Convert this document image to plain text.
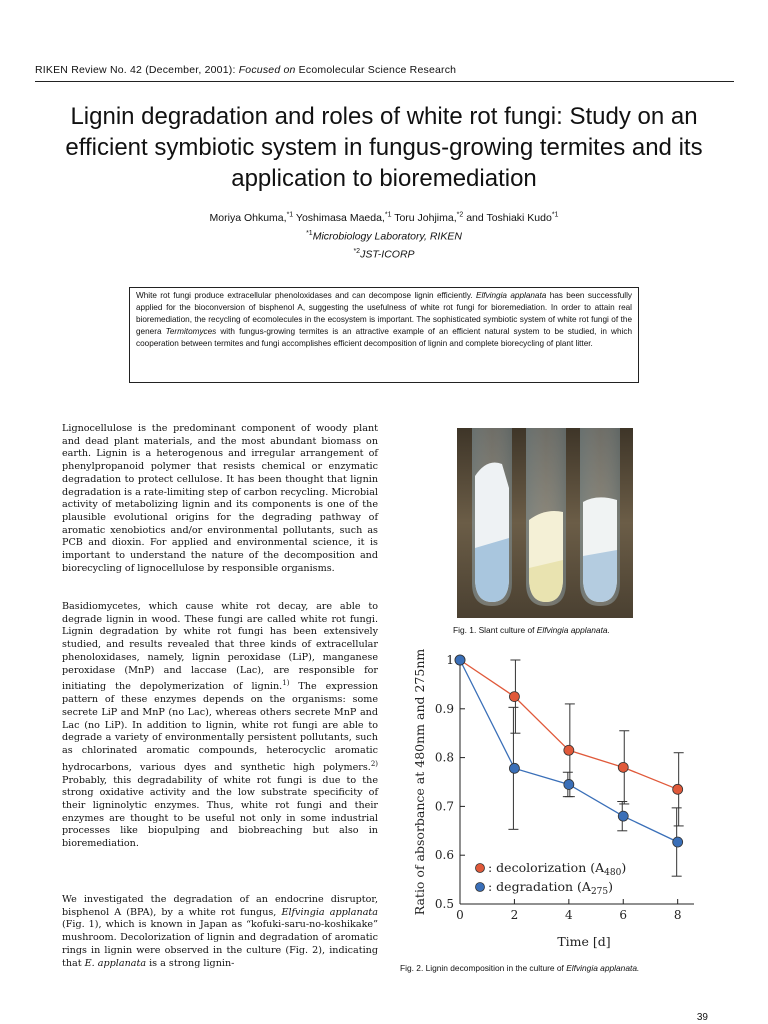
RIKEN Review No. 42 (December, 2001): Focused on Ecomolecular Science Research
Lignin degradation and roles of white rot fungi: Study on an efficient symbiotic system in fungus-growing termites and its application to bioremediation
Moriya Ohkuma,$^{*1}$ Yoshimasa Maeda,$^{*1}$ Toru Johjima,$^{*2}$ and Toshiaki Kudo$^{*1}$
$^{*1}$Microbiology Laboratory, RIKEN
$^{*2}$JST-ICORP
White rot fungi produce extracellular phenoloxidases and can decompose lignin efficiently. Elfvingia applanata has been successfully applied for the bioconversion of bisphenol A, suggesting the usefulness of white rot fungi for bioremediation. In order to attain real bioremediation, the recycling of ecomolecules in the ecosystem is important. The sophisticated symbiotic system of white rot fungi of the genera Termitomyces with fungus-growing termites is an attractive example of an efficient natural system to be studied, in which cooperation between termites and fungi accomplishes efficient decomposition of lignin and complete biorecycling of plant litter.

Lignocellulose is the predominant component of woody plant and dead plant materials, and the most abundant biomass on earth. Lignin is a heterogenous and irregular arrangement of phenylpropanoid polymer that resists chemical or enzymatic degradation to protect cellulose. It has been thought that lignin degradation is a rate-limiting step of carbon recycling. Microbial activity of metabolizing lignin and its components is one of the plausible evolutional origins for the degrading pathway of aromatic xenobiotics and/or environmental pollutants, such as PCB and dioxin. For applied and environmental science, it is important to understand the nature of the decomposition and biorecycling of lignocellulose by responsible organisms.

Basidiomycetes, which cause white rot decay, are able to degrade lignin in wood. These fungi are called white rot fungi. Lignin degradation by white rot fungi has been extensively studied, and results revealed that three kinds of extracellular phenoloxidases, namely, lignin peroxidase (LiP), manganese peroxidase (MnP) and laccase (Lac), are responsible for initiating the depolymerization of lignin.$^{1)}$ The expression pattern of these enzymes depends on the organisms: some secrete LiP and MnP (no Lac), whereas others secrete MnP and Lac (no LiP). In addition to lignin, white rot fungi are able to degrade a variety of environmentally persistent pollutants, such as chlorinated aromatic compounds, heterocyclic aromatic hydrocarbons, various dyes and synthetic high polymers.$^{2)}$ Probably, this degradability of white rot fungi is due to the strong oxidative activity and the low substrate specificity of their ligninolytic enzymes. Thus, white rot fungi and their enzymes are thought to be useful not only in some industrial processes like biopulping and biobreaching but also in bioremediation.

We investigated the degradation of an endocrine disruptor, bisphenol A (BPA), by a white rot fungus, Elfvingia applanata (Fig. 1), which is known in Japan as “kofuki-saru-no-koshikake” mushroom. Decolorization of lignin and degradation of aromatic rings in lignin were observed in the culture (Fig. 2), indicating that E. applanata is a strong lignin-

Fig. 1. Slant culture of Elfvingia applanata.
0.5
0.6
0.7
0.8
0.9
1
0	2	4	6	8
Ratio of absorbance at 480nm and 275nm
Time [d]
: decolorization $(A_{480})$
: degradation $(A_{275})$
Fig. 2. Lignin decomposition in the culture of Elfvingia applanata.
39
